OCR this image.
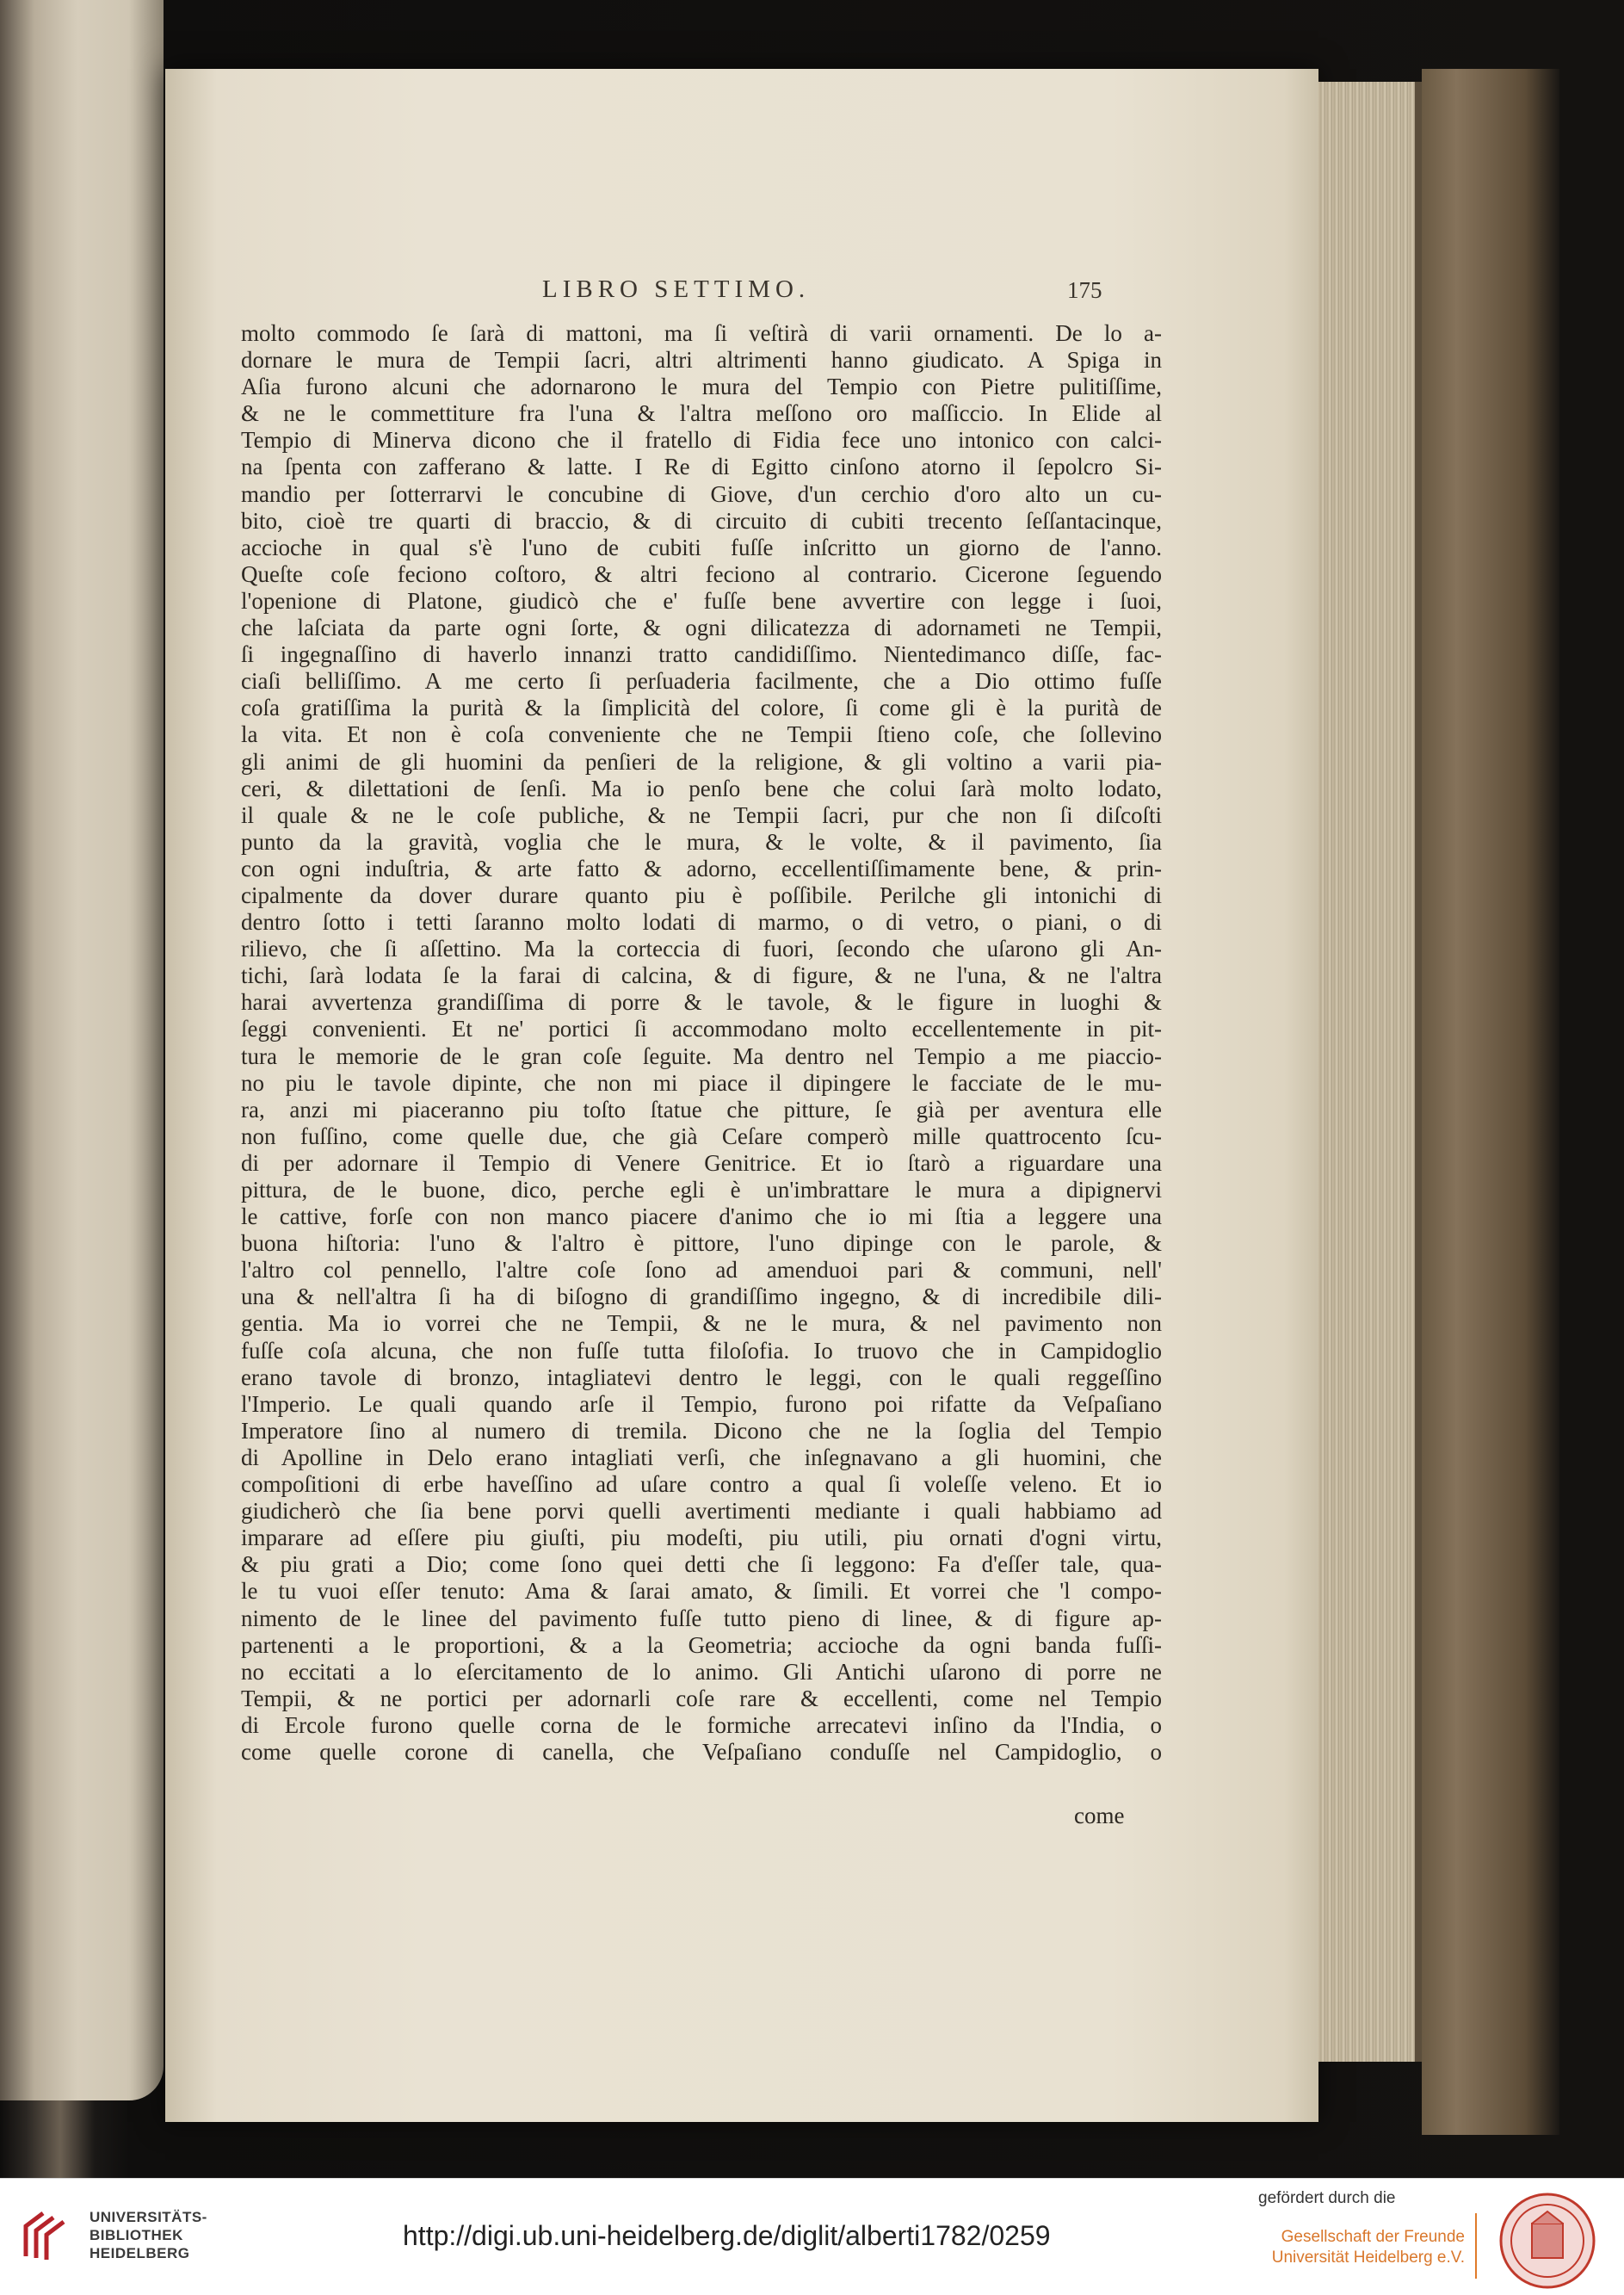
LIBRO SETTIMO.	175
molto commodo ſe ſarà di mattoni, ma ſi veſtirà di varii ornamenti. De lo a-
dornare le mura de Tempii ſacri, altri altrimenti hanno giudicato. A Spiga in
Aſia furono alcuni che adornarono le mura del Tempio con Pietre pulitiſſime,
& ne le commettiture fra l'una & l'altra meſſono oro maſſiccio. In Elide al
Tempio di Minerva dicono che il fratello di Fidia fece uno intonico con calci-
na ſpenta con zafferano & latte. I Re di Egitto cinſono atorno il ſepolcro Si-
mandio per ſotterrarvi le concubine di Giove, d'un cerchio d'oro alto un cu-
bito, cioè tre quarti di braccio, & di circuito di cubiti trecento ſeſſantacinque,
accioche in qual s'è l'uno de cubiti fuſſe inſcritto un giorno de l'anno.
Queſte coſe feciono coſtoro, & altri feciono al contrario. Cicerone ſeguendo
l'openione di Platone, giudicò che e' fuſſe bene avvertire con legge i ſuoi,
che laſciata da parte ogni ſorte, & ogni dilicatezza di adornameti ne Tempii,
ſi ingegnaſſino di haverlo innanzi tratto candidiſſimo. Nientedimanco diſſe, fac-
ciaſi belliſſimo. A me certo ſi perſuaderia facilmente, che a Dio ottimo fuſſe
coſa gratiſſima la purità & la ſimplicità del colore, ſi come gli è la purità de
la vita. Et non è coſa conveniente che ne Tempii ſtieno coſe, che ſollevino
gli animi de gli huomini da penſieri de la religione, & gli voltino a varii pia-
ceri, & dilettationi de ſenſi. Ma io penſo bene che colui ſarà molto lodato,
il quale & ne le coſe publiche, & ne Tempii ſacri, pur che non ſi diſcoſti
punto da la gravità, voglia che le mura, & le volte, & il pavimento, ſia
con ogni induſtria, & arte fatto & adorno, eccellentiſſimamente bene, & prin-
cipalmente da dover durare quanto piu è poſſibile. Perilche gli intonichi di
dentro ſotto i tetti ſaranno molto lodati di marmo, o di vetro, o piani, o di
rilievo, che ſi aſſettino. Ma la corteccia di fuori, ſecondo che uſarono gli An-
tichi, ſarà lodata ſe la farai di calcina, & di figure, & ne l'una, & ne l'altra
harai avvertenza grandiſſima di porre & le tavole, & le figure in luoghi &
ſeggi convenienti. Et ne' portici ſi accommodano molto eccellentemente in pit-
tura le memorie de le gran coſe ſeguite. Ma dentro nel Tempio a me piaccio-
no piu le tavole dipinte, che non mi piace il dipingere le facciate de le mu-
ra, anzi mi piaceranno piu toſto ſtatue che pitture, ſe già per aventura elle
non fuſſino, come quelle due, che già Ceſare comperò mille quattrocento ſcu-
di per adornare il Tempio di Venere Genitrice. Et io ſtarò a riguardare una
pittura, de le buone, dico, perche egli è un'imbrattare le mura a dipignervi
le cattive, forſe con non manco piacere d'animo che io mi ſtia a leggere una
buona hiſtoria: l'uno & l'altro è pittore, l'uno dipinge con le parole, &
l'altro col pennello, l'altre coſe ſono ad amenduoi pari & communi, nell'
una & nell'altra ſi ha di biſogno di grandiſſimo ingegno, & di incredibile dili-
gentia. Ma io vorrei che ne Tempii, & ne le mura, & nel pavimento non
fuſſe coſa alcuna, che non fuſſe tutta filoſofia. Io truovo che in Campidoglio
erano tavole di bronzo, intagliatevi dentro le leggi, con le quali reggeſſino
l'Imperio. Le quali quando arſe il Tempio, furono poi rifatte da Veſpaſiano
Imperatore ſino al numero di tremila. Dicono che ne la ſoglia del Tempio
di Apolline in Delo erano intagliati verſi, che inſegnavano a gli huomini, che
compoſitioni di erbe haveſſino ad uſare contro a qual ſi voleſſe veleno. Et io
giudicherò che ſia bene porvi quelli avertimenti mediante i quali habbiamo ad
imparare ad eſſere piu giuſti, piu modeſti, piu utili, piu ornati d'ogni virtu,
& piu grati a Dio; come ſono quei detti che ſi leggono: Fa d'eſſer tale, qua-
le tu vuoi eſſer tenuto: Ama & ſarai amato, & ſimili. Et vorrei che 'l compo-
nimento de le linee del pavimento fuſſe tutto pieno di linee, & di figure ap-
partenenti a le proportioni, & a la Geometria; accioche da ogni banda fuſſi-
no eccitati a lo eſercitamento de lo animo. Gli Antichi uſarono di porre ne
Tempii, & ne portici per adornarli coſe rare & eccellenti, come nel Tempio
di Ercole furono quelle corna de le formiche arrecatevi inſino da l'India, o
come quelle corone di canella, che Veſpaſiano conduſſe nel Campidoglio, o
come
UNIVERSITÄTS-
BIBLIOTHEK
HEIDELBERG
http://digi.ub.uni-heidelberg.de/diglit/alberti1782/0259
gefördert durch die
Gesellschaft der Freunde
Universität Heidelberg e.V.
